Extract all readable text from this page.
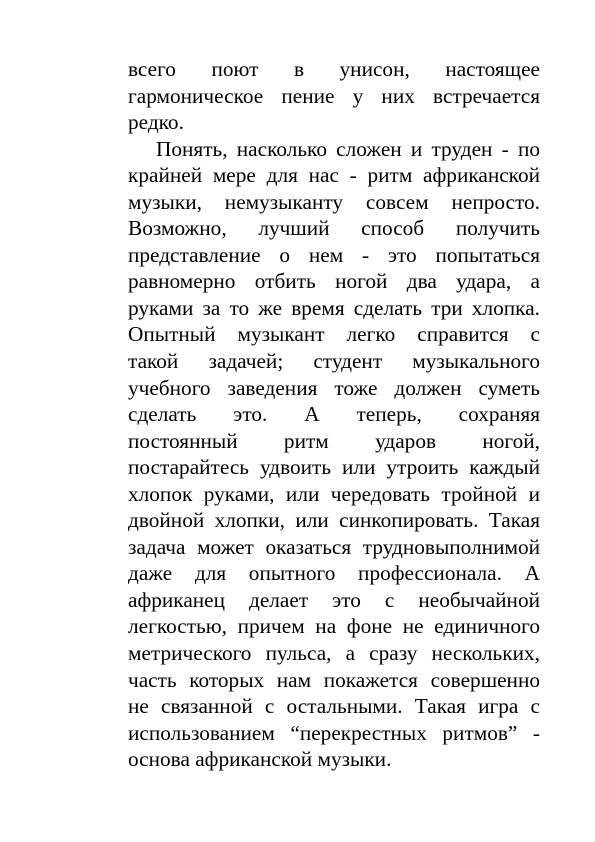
всего поют в унисон, настоящее
гармоническое пение у них встречается
редко.
Понять, насколько сложен и труден - по
крайней мере для нас - ритм африканской
музыки, немузыканту совсем непросто.
Возможно, лучший способ получить
представление о нем - это попытаться
равномерно отбить ногой два удара, а
руками за то же время сделать три хлопка.
Опытный музыкант легко справится с
такой задачей; студент музыкального
учебного заведения тоже должен суметь
сделать это. А теперь, сохраняя
постоянный ритм ударов ногой,
постарайтесь удвоить или утроить каждый
хлопок руками, или чередовать тройной и
двойной хлопки, или синкопировать. Такая
задача может оказаться трудновыполнимой
даже для опытного профессионала. А
африканец делает это с необычайной
легкостью, причем на фоне не единичного
метрического пульса, а сразу нескольких,
часть которых нам покажется совершенно
не связанной с остальными. Такая игра с
использованием “перекрестных ритмов” -
основа африканской музыки.
